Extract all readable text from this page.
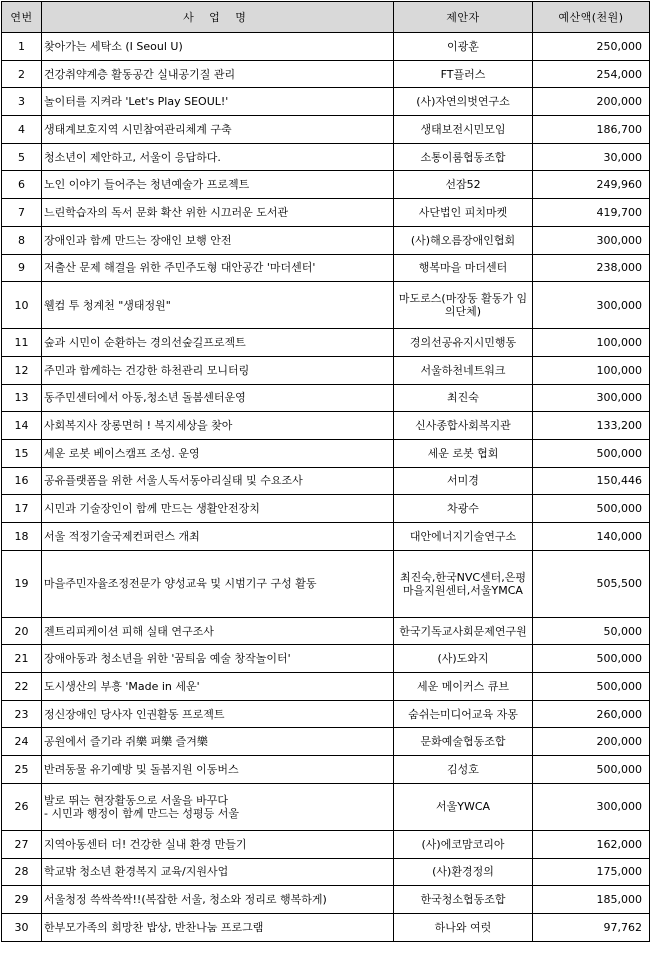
연번	사 업 명	제안자	예산액(천원)
1	찾아가는 세탁소 (I Seoul U)	이광훈	250,000
2	건강취약계층 활동공간 실내공기질 관리	FT플러스	254,000
3	놀이터를 지켜라 'Let's Play SEOUL!'	(사)자연의벗연구소	200,000
4	생태계보호지역 시민참여관리체계 구축	생태보전시민모임	186,700
5	청소년이 제안하고, 서울이 응답하다.	소통이룸협동조합	30,000
6	노인 이야기 들어주는 청년예술가 프로젝트	선잠52	249,960
7	느린학습자의 독서 문화 확산 위한 시끄러운 도서관	사단법인 피치마켓	419,700
8	장애인과 함께 만드는 장애인 보행 안전	(사)해오름장애인협회	300,000
9	저출산 문제 해결을 위한 주민주도형 대안공간 '마더센터'	행복마을 마더센터	238,000
10	웰컴 투 청계천 "생태정원"	마도로스(마장동 활동가 임의단체)	300,000
11	숲과 시민이 순환하는 경의선숲길프로젝트	경의선공유지시민행동	100,000
12	주민과 함께하는 건강한 하천관리 모니터링	서울하천네트워크	100,000
13	동주민센터에서 아동,청소년 돌봄센터운영	최진숙	300,000
14	사회복지사 장롱면허 ! 복지세상을 찾아	신사종합사회복지관	133,200
15	세운 로봇 베이스캠프 조성. 운영	세운 로봇 협회	500,000
16	공유플랫폼을 위한 서울人독서동아리실태 및 수요조사	서미경	150,446
17	시민과 기술장인이 함께 만드는 생활안전장치	차광수	500,000
18	서울 적정기술국제컨퍼런스 개최	대안에너지기술연구소	140,000
19	마을주민자율조정전문가 양성교육 및 시범기구 구성 활동	최진숙,한국NVC센터,은평마을지원센터,서울YMCA	505,500
20	젠트리피케이션 피해 실태 연구조사	한국기독교사회문제연구원	50,000
21	장애아동과 청소년을 위한 '꿈틔움 예술 창작놀이터'	(사)도와지	500,000
22	도시생산의 부흥 'Made in 세운'	세운 메이커스 큐브	500,000
23	정신장애인 당사자 인권활동 프로젝트	숨쉬는미디어교육 자몽	260,000
24	공원에서 즐기라 쥐樂 펴樂 즐겨樂	문화예술협동조합	200,000
25	반려동물 유기예방 및 돌봄지원 이동버스	김성호	500,000
26	발로 뛰는 현장활동으로 서울을 바꾸다
- 시민과 행정이 함께 만드는 성평등 서울	서울YWCA	300,000
27	지역아동센터 더! 건강한 실내 환경 만들기	(사)에코맘코리아	162,000
28	학교밖 청소년 환경복지 교육/지원사업	(사)환경정의	175,000
29	서울청정 쓱싹쓱싹!!(복잡한 서울, 청소와 정리로 행복하게)	한국청소협동조합	185,000
30	한부모가족의 희망찬 밥상, 반찬나눔 프로그램	하나와 여럿	97,762
